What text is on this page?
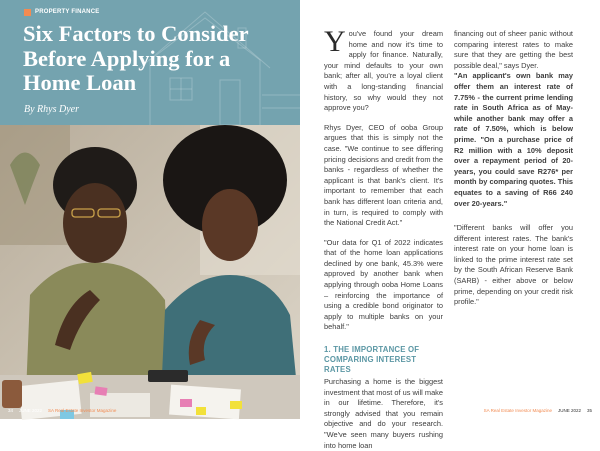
PROPERTY FINANCE
Six Factors to Consider Before Applying for a Home Loan
By Rhys Dyer
34 JUNE 2022 SA Real Estate Investor Magazine

You've found your dream home and now it's time to apply for finance. Naturally, your mind defaults to your own bank; after all, you're a loyal client with a long-standing financial history, so why would they not approve you?

Rhys Dyer, CEO of ooba Group argues that this is simply not the case. "We continue to see differing pricing decisions and credit from the banks - regardless of whether the applicant is that bank's client. It's important to remember that each bank has different loan criteria and, in turn, is required to comply with the National Credit Act."

"Our data for Q1 of 2022 indicates that of the home loan applications declined by one bank, 45.3% were approved by another bank when applying through ooba Home Loans – reinforcing the importance of using a credible bond originator to apply to multiple banks on your behalf."

1. THE IMPORTANCE OF COMPARING INTEREST RATES

Purchasing a home is the biggest investment that most of us will make in our lifetime. Therefore, it's strongly advised that you remain objective and do your research. "We've seen many buyers rushing into home loan

financing out of sheer panic without comparing interest rates to make sure that they are getting the best possible deal," says Dyer.

"An applicant's own bank may offer them an interest rate of 7.75% - the current prime lending rate in South Africa as of May- while another bank may offer a rate of 7.50%, which is below prime. "On a purchase price of R2 million with a 10% deposit over a repayment period of 20-years, you could save R276* per month by comparing quotes. This equates to a saving of R66 240 over 20-years."

"Different banks will offer you different interest rates. The bank's interest rate on your home loan is linked to the prime interest rate set by the South African Reserve Bank (SARB) - either above or below prime, depending on your credit risk profile."

SA Real Estate Investor Magazine JUNE 2022 35
